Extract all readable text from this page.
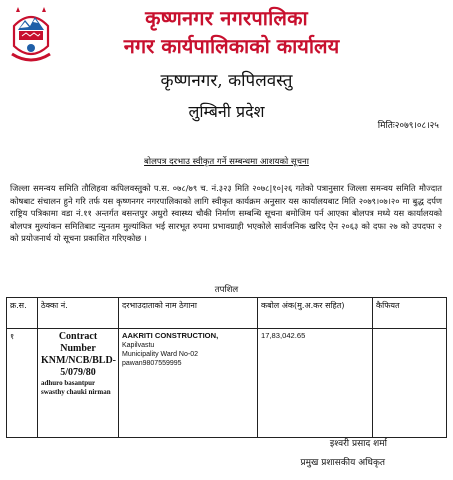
कृष्णनगर नगरपालिका
नगर कार्यपालिकाको कार्यालय
कृष्णनगर, कपिलवस्तु
लुम्बिनी प्रदेश
मितिः२०७९।०८।२५
बोलपत्र दरभाउ स्वीकृत गर्ने सम्बन्धमा आशयको सूचना
जिल्ला समन्वय समिति तौलिहवा कपिलवस्तुको प.स. ०७८/७९ च. नं.३२३ मिति २०७८|१०|२६ गतेको पत्रानुसार जिल्ला समन्वय समिति मौज्दात कोषबाट संचालन हुने गरि तर्फ यस कृष्णनगर नगरपालिकाको लागि स्वीकृत कार्यक्रम अनुसार यस कार्यालयबाट मिति २०७९।०७।२० मा बुद्ध दर्पण राष्ट्रिय पत्रिकामा वडा नं.११ अन्तर्गत बसन्तपुर अधुरो स्वास्थ्य चौकी निर्माण सम्बन्धि सूचना बमोजिम पर्न आएका बोलपत्र मध्ये यस कार्यालयको बोलपत्र मुल्यांकन समितिबाट न्युनतम मुल्यांकित भई सारभूत रुपमा प्रभावग्राही भएकोले सार्वजनिक खरिद ऐन २०६३ को दफा २७ को उपदफा २ को प्रयोजनार्थ यो सूचना प्रकाशित गरिएकोछ ।
तपशिल
क्र.स.	ठेक्का नं.	दरभाउदाताको नाम ठेगाना	कबोल अंक(मु.अ.कर सहित)	कैफियत
१	Contract Number KNM/NCB/BLD-5/079/80
adhuro basantpur swasthy chauki nirman	AAKRITI CONSTRUCTION,
Kapilvastu
Municipality Ward No-02
pawan9807559995	17,83,042.65	
इश्वरी प्रसाद शर्मा
प्रमुख प्रशासकीय अधिकृत
